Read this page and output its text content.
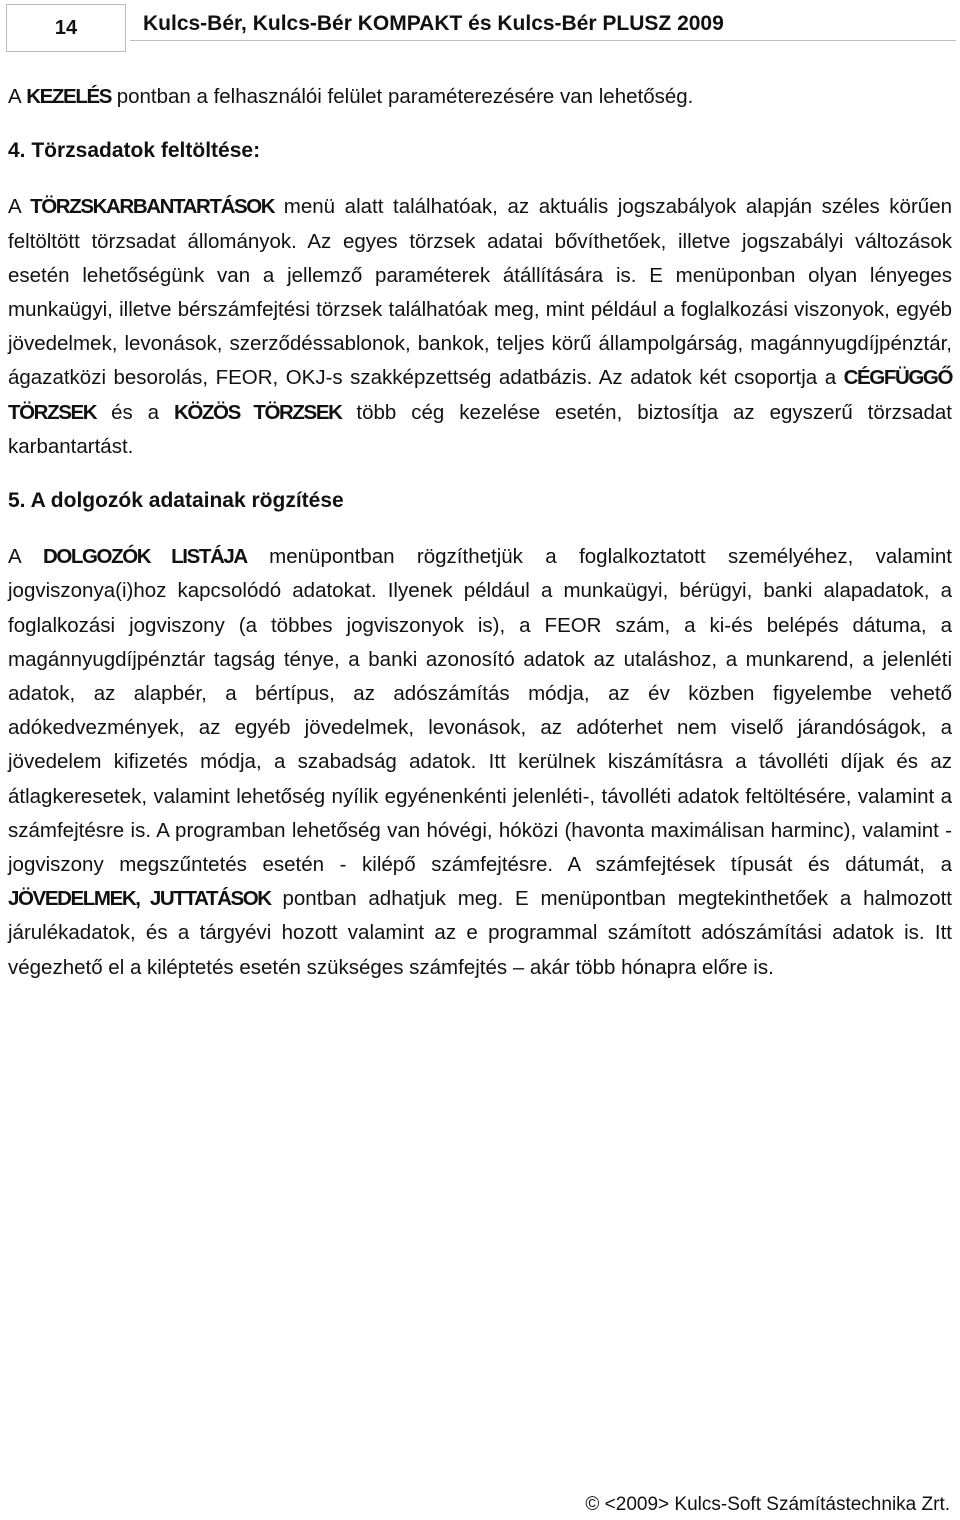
14	Kulcs-Bér, Kulcs-Bér KOMPAKT és Kulcs-Bér PLUSZ 2009

A KEZELÉS pontban a felhasználói felület paraméterezésére van lehetőség.

4. Törzsadatok feltöltése:

A TÖRZSKARBANTARTÁSOK menü alatt találhatóak, az aktuális jogszabályok alapján széles körűen feltöltött törzsadat állományok. Az egyes törzsek adatai bővíthetőek, illetve jogszabályi változások esetén lehetőségünk van a jellemző paraméterek átállítására is. E menüponban olyan lényeges munkaügyi, illetve bérszámfejtési törzsek találhatóak meg, mint például a foglalkozási viszonyok, egyéb jövedelmek, levonások, szerződéssablonok, bankok, teljes körű állampolgárság, magánnyugdíjpénztár, ágazatközi besorolás, FEOR, OKJ-s szakképzettség adatbázis. Az adatok két csoportja a CÉGFÜGGŐ TÖRZSEK és a KÖZÖS TÖRZSEK több cég kezelése esetén, biztosítja az egyszerű törzsadat karbantartást.

5. A dolgozók adatainak rögzítése

A DOLGOZÓK LISTÁJA menüpontban rögzíthetjük a foglalkoztatott személyéhez, valamint jogviszonya(i)hoz kapcsolódó adatokat. Ilyenek például a munkaügyi, bérügyi, banki alapadatok, a foglalkozási jogviszony (a többes jogviszonyok is), a FEOR szám, a ki-és belépés dátuma, a magánnyugdíjpénztár tagság ténye, a banki azonosító adatok az utaláshoz, a munkarend, a jelenléti adatok, az alapbér, a bértípus, az adószámítás módja, az év közben figyelembe vehető adókedvezmények, az egyéb jövedelmek, levonások, az adóterhet nem viselő járandóságok, a jövedelem kifizetés módja, a szabadság adatok. Itt kerülnek kiszámításra a távolléti díjak és az átlagkeresetek, valamint lehetőség nyílik egyénenkénti jelenléti-, távolléti adatok feltöltésére, valamint a számfejtésre is. A programban lehetőség van hóvégi, hóközi (havonta maximálisan harminc), valamint - jogviszony megszűntetés esetén - kilépő számfejtésre. A számfejtések típusát és dátumát, a JÖVEDELMEK, JUTTATÁSOK pontban adhatjuk meg. E menüpontban megtekinthetőek a halmozott járulékadatok, és a tárgyévi hozott valamint az e programmal számított adószámítási adatok is. Itt végezhető el a kiléptetés esetén szükséges számfejtés – akár több hónapra előre is.

© <2009> Kulcs-Soft Számítástechnika Zrt.
